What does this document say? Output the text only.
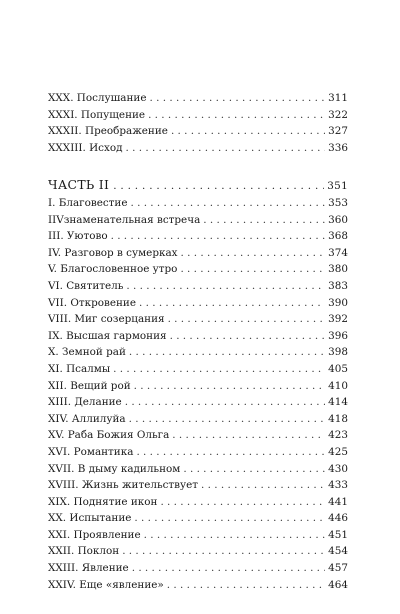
XXX. Послушание . . .	311
XXXI. Попущение . . .	322
XXXII. Преображение . . .	327
XXXIII. Исход . . .	336
ЧАСТЬ II . . .	351
I. Благовестие . . .	353
IIVзнаменательная встреча . . .	360
III. Уютово . . .	368
IV. Разговор в сумерках . . .	374
V. Благословенное утро . . .	380
VI. Святитель . . .	383
VII. Откровение . . .	390
VIII. Миг созерцания . . .	392
IX. Высшая гармония . . .	396
X. Земной рай . . .	398
XI. Псалмы . . .	405
XII. Вещий рой . . .	410
XIII. Делание . . .	414
XIV. Аллилуйа . . .	418
XV. Раба Божия Ольга . . .	423
XVI. Романтика . . .	425
XVII. В дыму кадильном . . .	430
XVIII. Жизнь жительствует . . .	433
XIX. Поднятие икон . . .	441
XX. Испытание . . .	446
XXI. Проявление . . .	451
XXII. Поклон . . .	454
XXIII. Явление . . .	457
XXIV. Еще «явление» . . .	464
